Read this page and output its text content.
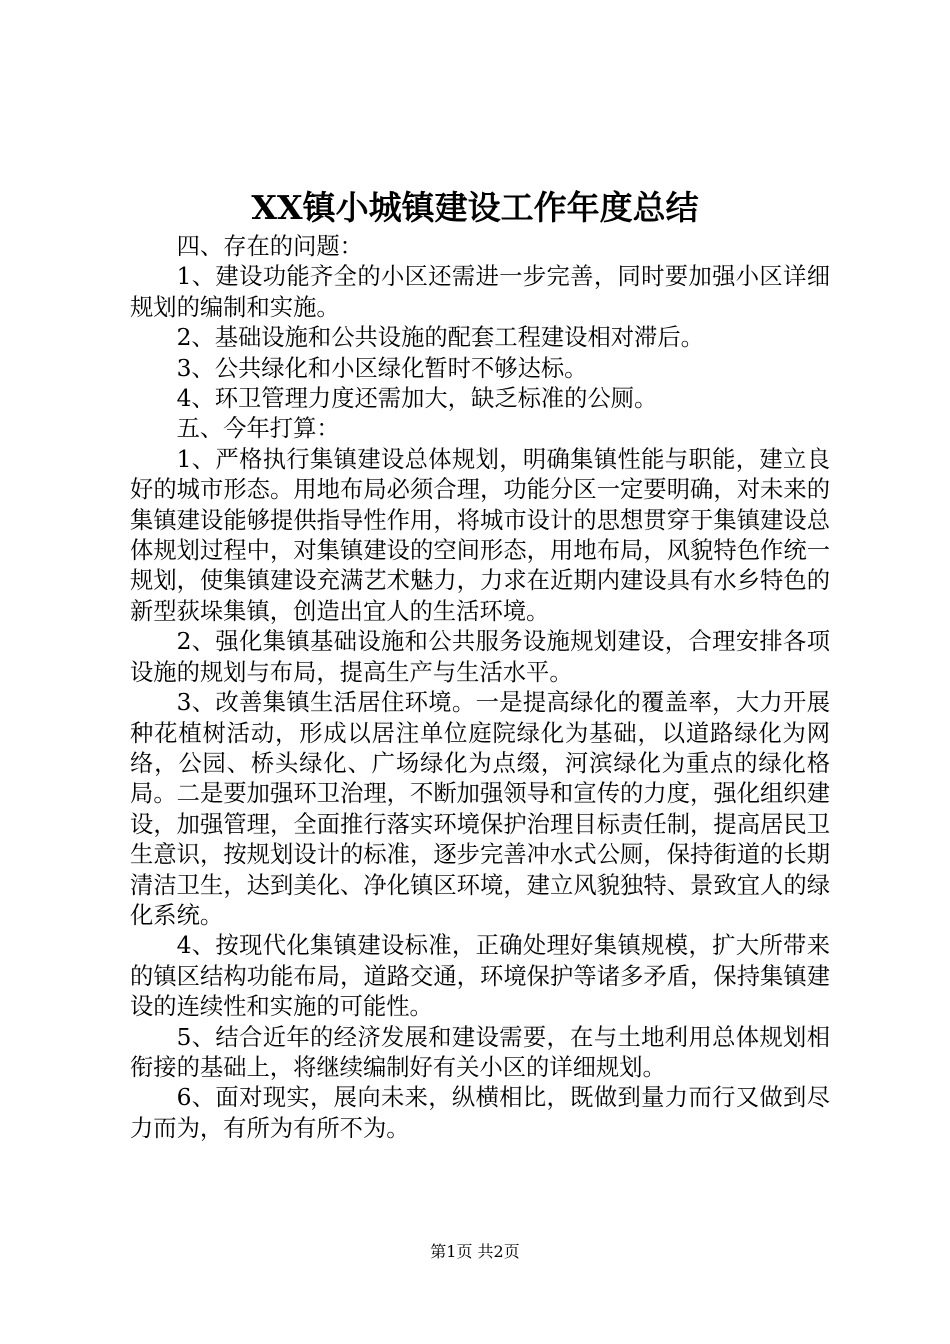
XX镇小城镇建设工作年度总结

四、存在的问题：

1、建设功能齐全的小区还需进一步完善，同时要加强小区详细规划的编制和实施。

2、基础设施和公共设施的配套工程建设相对滞后。

3、公共绿化和小区绿化暂时不够达标。

4、环卫管理力度还需加大，缺乏标准的公厕。

五、今年打算：

1、严格执行集镇建设总体规划，明确集镇性能与职能，建立良好的城市形态。用地布局必须合理，功能分区一定要明确，对未来的集镇建设能够提供指导性作用，将城市设计的思想贯穿于集镇建设总体规划过程中，对集镇建设的空间形态，用地布局，风貌特色作统一规划，使集镇建设充满艺术魅力，力求在近期内建设具有水乡特色的新型荻垛集镇，创造出宜人的生活环境。

2、强化集镇基础设施和公共服务设施规划建设，合理安排各项设施的规划与布局，提高生产与生活水平。

3、改善集镇生活居住环境。一是提高绿化的覆盖率，大力开展种花植树活动，形成以居注单位庭院绿化为基础，以道路绿化为网络，公园、桥头绿化、广场绿化为点缀，河滨绿化为重点的绿化格局。二是要加强环卫治理，不断加强领导和宣传的力度，强化组织建设，加强管理，全面推行落实环境保护治理目标责任制，提高居民卫生意识，按规划设计的标准，逐步完善冲水式公厕，保持街道的长期清洁卫生，达到美化、净化镇区环境，建立风貌独特、景致宜人的绿化系统。

4、按现代化集镇建设标准，正确处理好集镇规模，扩大所带来的镇区结构功能布局，道路交通，环境保护等诸多矛盾，保持集镇建设的连续性和实施的可能性。

5、结合近年的经济发展和建设需要，在与土地利用总体规划相衔接的基础上，将继续编制好有关小区的详细规划。

6、面对现实，展向未来，纵横相比，既做到量力而行又做到尽力而为，有所为有所不为。

第1页 共2页
